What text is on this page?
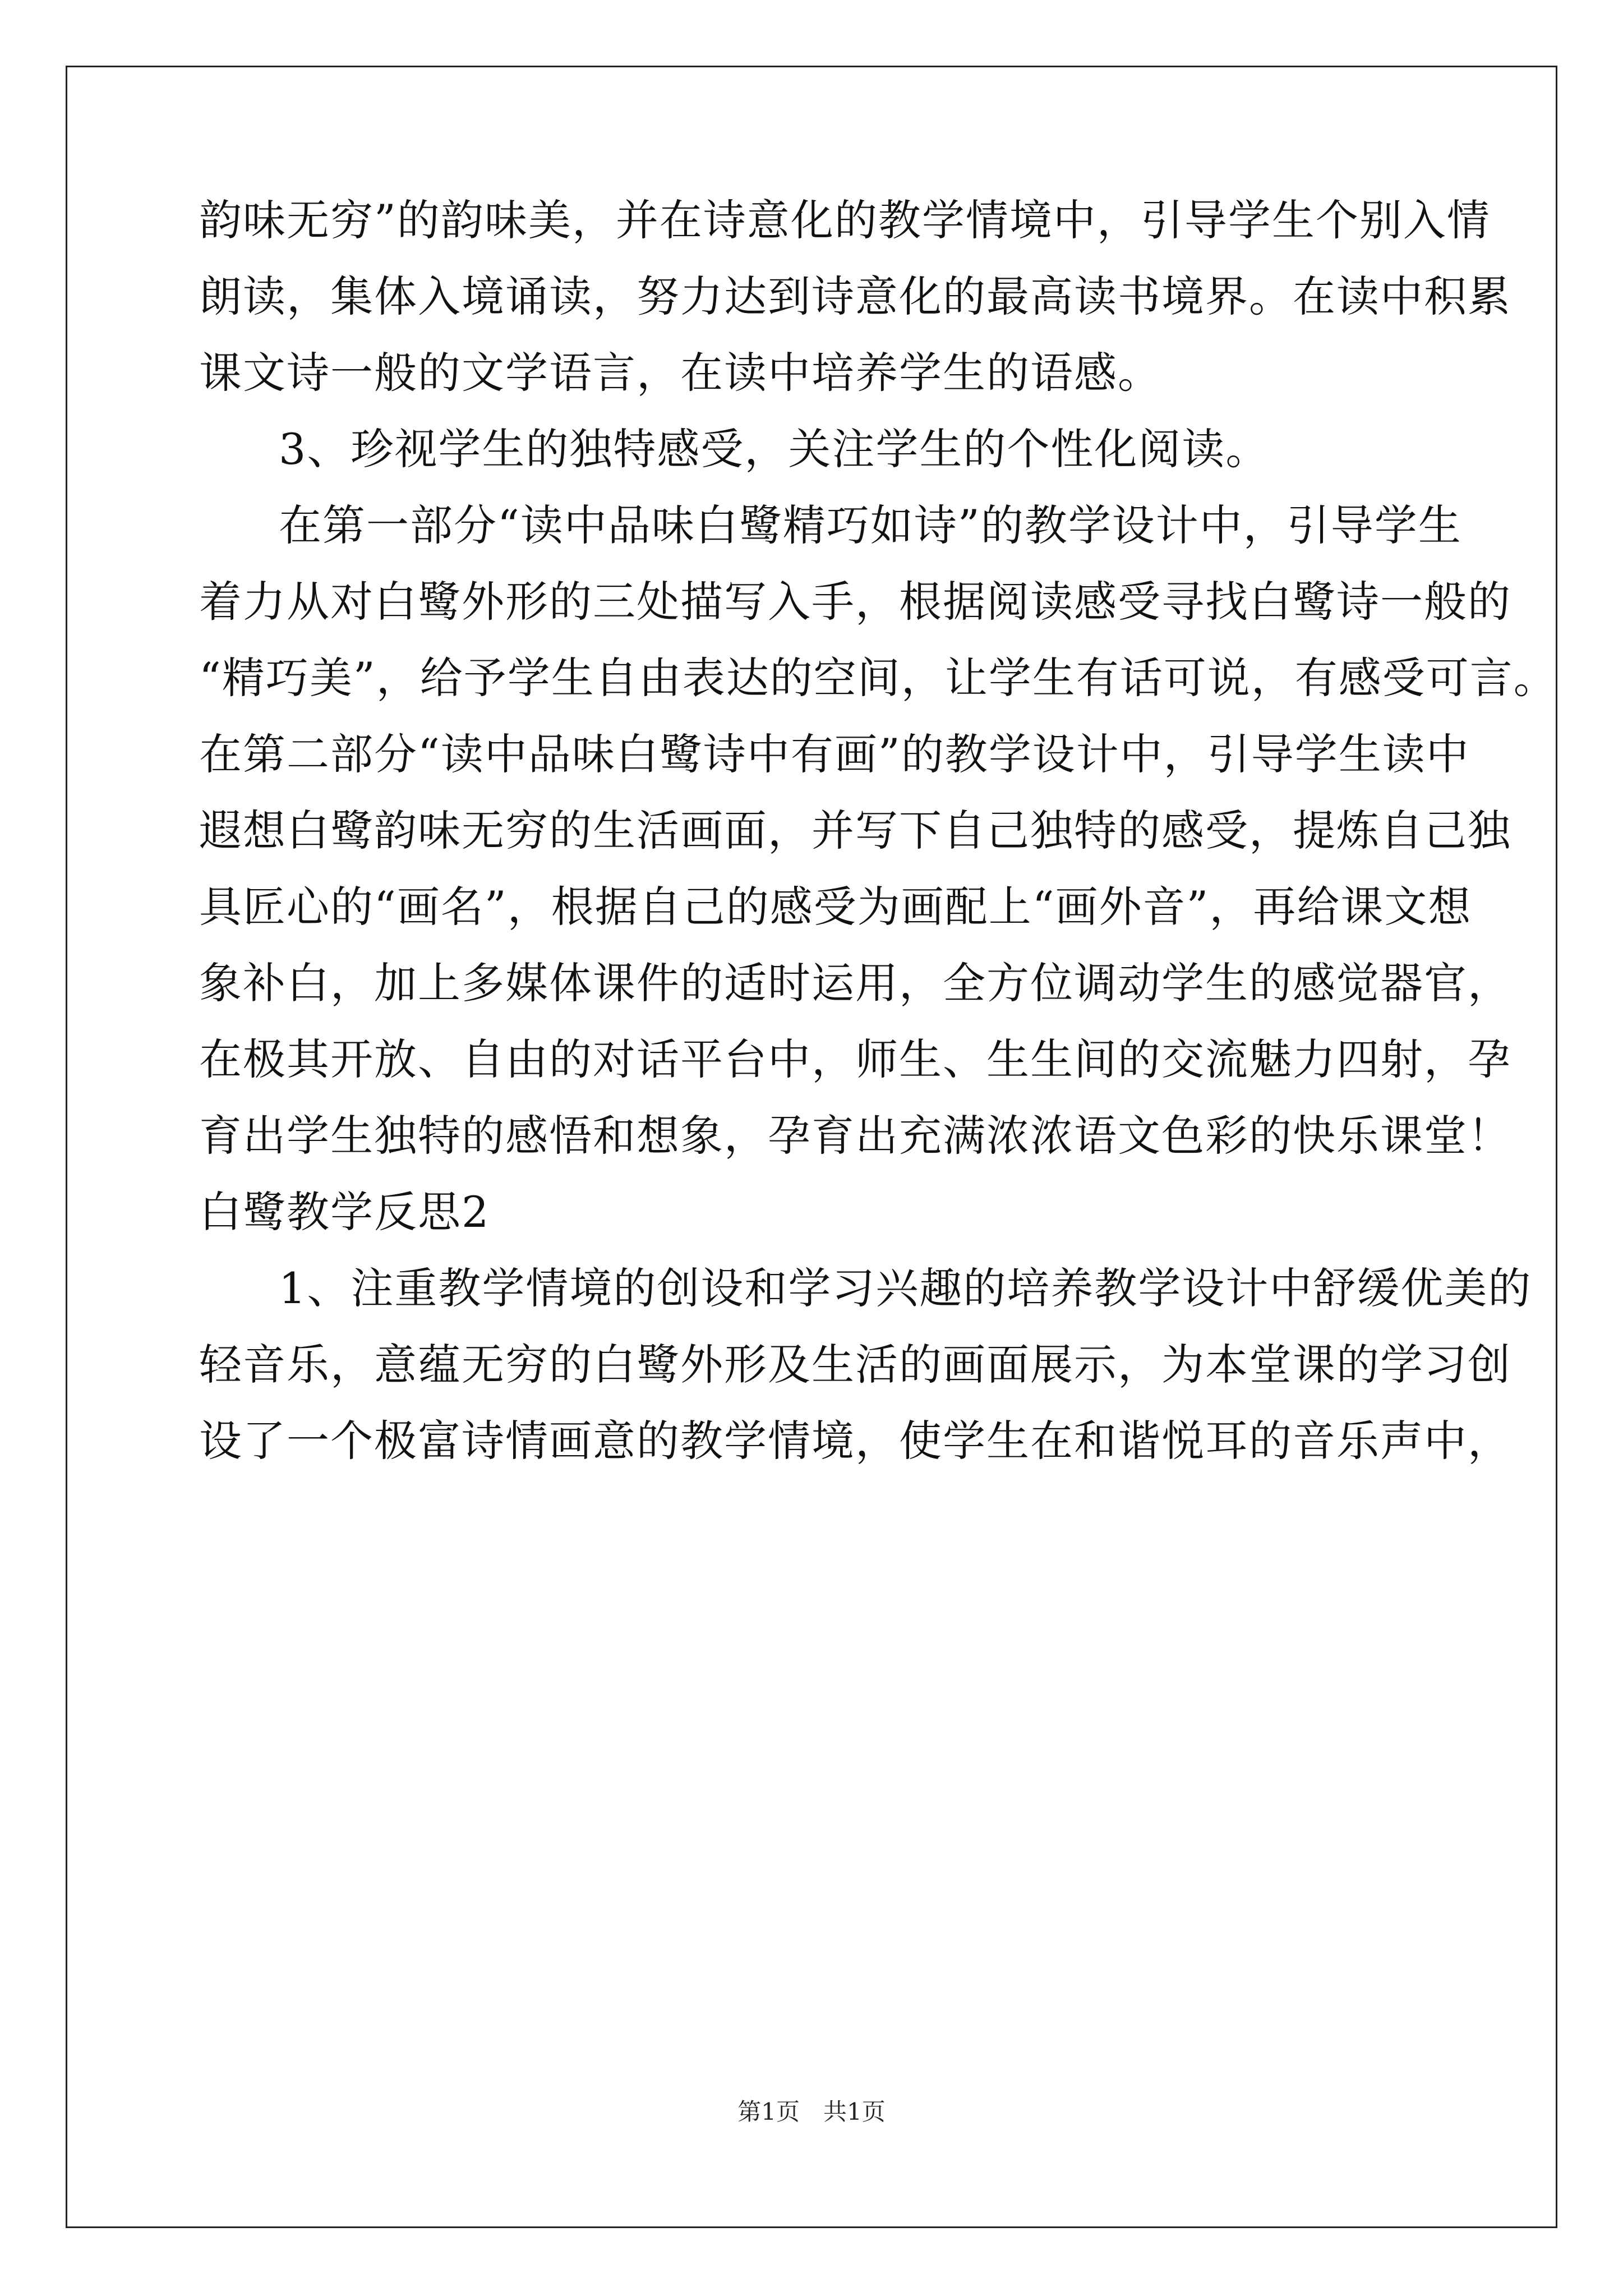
韵味无穷”的韵味美，并在诗意化的教学情境中，引导学生个别入情
朗读，集体入境诵读，努力达到诗意化的最高读书境界。在读中积累
课文诗一般的文学语言，在读中培养学生的语感。
3、珍视学生的独特感受，关注学生的个性化阅读。
在第一部分“读中品味白鹭精巧如诗”的教学设计中，引导学生
着力从对白鹭外形的三处描写入手，根据阅读感受寻找白鹭诗一般的
“精巧美”，给予学生自由表达的空间，让学生有话可说，有感受可言。
在第二部分“读中品味白鹭诗中有画”的教学设计中，引导学生读中
遐想白鹭韵味无穷的生活画面，并写下自己独特的感受，提炼自己独
具匠心的“画名”，根据自己的感受为画配上“画外音”，再给课文想
象补白，加上多媒体课件的适时运用，全方位调动学生的感觉器官，
在极其开放、自由的对话平台中，师生、生生间的交流魅力四射，孕
育出学生独特的感悟和想象，孕育出充满浓浓语文色彩的快乐课堂！
白鹭教学反思2
1、注重教学情境的创设和学习兴趣的培养教学设计中舒缓优美的
轻音乐，意蕴无穷的白鹭外形及生活的画面展示，为本堂课的学习创
设了一个极富诗情画意的教学情境，使学生在和谐悦耳的音乐声中，
第1页　共1页
